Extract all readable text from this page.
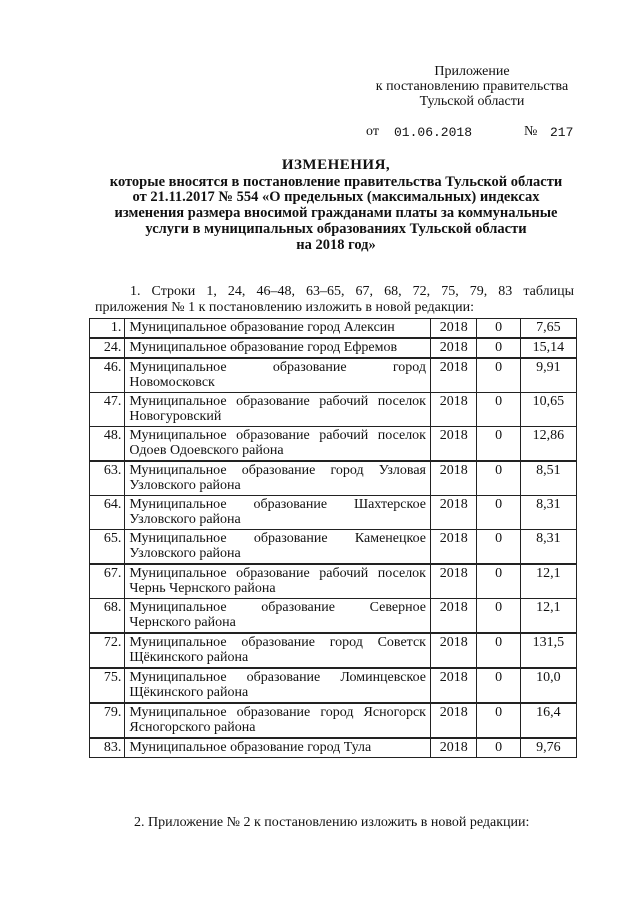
Приложение
к постановлению правительства
Тульской области
от 01.06.2018	№ 217
ИЗМЕНЕНИЯ,
которые вносятся в постановление правительства Тульской области
от 21.11.2017 № 554 «О предельных (максимальных) индексах
изменения размера вносимой гражданами платы за коммунальные
услуги в муниципальных образованиях Тульской области
на 2018 год»
1. Строки 1, 24, 46–48, 63–65, 67, 68, 72, 75, 79, 83 таблицы
приложения № 1 к постановлению изложить в новой редакции:
1.	Муниципальное образование город Алексин	2018	0	7,65
24.	Муниципальное образование город Ефремов	2018	0	15,14
46.	Муниципальное образование город Новомосковск	2018	0	9,91
47.	Муниципальное образование рабочий поселок Новогуровский	2018	0	10,65
48.	Муниципальное образование рабочий поселок Одоев Одоевского района	2018	0	12,86
63.	Муниципальное образование город Узловая Узловского района	2018	0	8,51
64.	Муниципальное образование Шахтерское Узловского района	2018	0	8,31
65.	Муниципальное образование Каменецкое Узловского района	2018	0	8,31
67.	Муниципальное образование рабочий поселок Чернь Чернского района	2018	0	12,1
68.	Муниципальное образование Северное Чернского района	2018	0	12,1
72.	Муниципальное образование город Советск Щёкинского района	2018	0	131,5
75.	Муниципальное образование Ломинцевское Щёкинского района	2018	0	10,0
79.	Муниципальное образование город Ясногорск Ясногорского района	2018	0	16,4
83.	Муниципальное образование город Тула	2018	0	9,76
2. Приложение № 2 к постановлению изложить в новой редакции:
